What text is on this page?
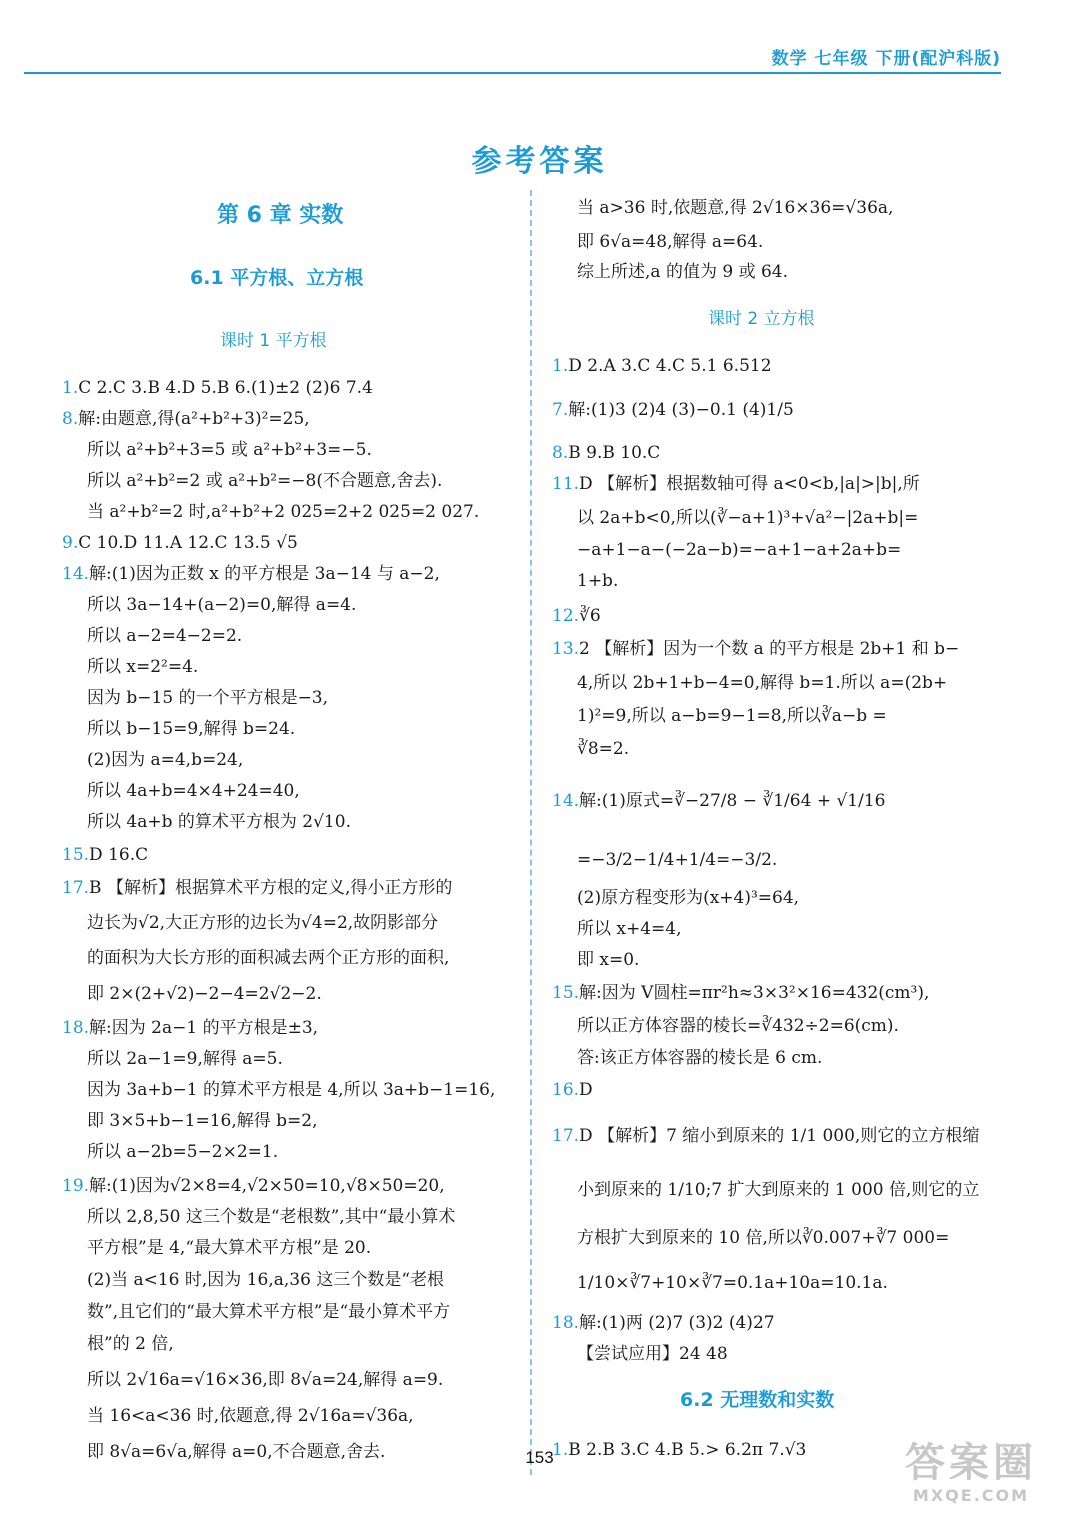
数学 七年级 下册(配沪科版)
参考答案
第 6 章 实数
6.1 平方根、立方根
课时 1 平方根
1.C 2.C 3.B 4.D 5.B 6.(1)±2 (2)6 7.4
8.解:由题意,得(a²+b²+3)²=25,
所以 a²+b²+3=5 或 a²+b²+3=−5.
所以 a²+b²=2 或 a²+b²=−8(不合题意,舍去).
当 a²+b²=2 时,a²+b²+2 025=2+2 025=2 027.
9.C 10.D 11.A 12.C 13.5 √5
14.解:(1)因为正数 x 的平方根是 3a−14 与 a−2,
所以 3a−14+(a−2)=0,解得 a=4.
所以 a−2=4−2=2.
所以 x=2²=4.
因为 b−15 的一个平方根是−3,
所以 b−15=9,解得 b=24.
(2)因为 a=4,b=24,
所以 4a+b=4×4+24=40,
所以 4a+b 的算术平方根为 2√10.
15.D 16.C
17.B 【解析】根据算术平方根的定义,得小正方形的
边长为√2,大正方形的边长为√4=2,故阴影部分
的面积为大长方形的面积减去两个正方形的面积,
即 2×(2+√2)−2−4=2√2−2.
18.解:因为 2a−1 的平方根是±3,
所以 2a−1=9,解得 a=5.
因为 3a+b−1 的算术平方根是 4,所以 3a+b−1=16,
即 3×5+b−1=16,解得 b=2,
所以 a−2b=5−2×2=1.
19.解:(1)因为√2×8=4,√2×50=10,√8×50=20,
所以 2,8,50 这三个数是“老根数”,其中“最小算术
平方根”是 4,“最大算术平方根”是 20.
(2)当 a<16 时,因为 16,a,36 这三个数是“老根
数”,且它们的“最大算术平方根”是“最小算术平方
根”的 2 倍,
所以 2√16a=√16×36,即 8√a=24,解得 a=9.
当 16<a<36 时,依题意,得 2√16a=√36a,
即 8√a=6√a,解得 a=0,不合题意,舍去.
当 a>36 时,依题意,得 2√16×36=√36a,
即 6√a=48,解得 a=64.
综上所述,a 的值为 9 或 64.
课时 2 立方根
1.D 2.A 3.C 4.C 5.1 6.512
7.解:(1)3 (2)4 (3)−0.1 (4)1/5
8.B 9.B 10.C
11.D 【解析】根据数轴可得 a<0<b,|a|>|b|,所
以 2a+b<0,所以(∛−a+1)³+√a²−|2a+b|=
−a+1−a−(−2a−b)=−a+1−a+2a+b=
1+b.
12.∛6
13.2 【解析】因为一个数 a 的平方根是 2b+1 和 b−
4,所以 2b+1+b−4=0,解得 b=1.所以 a=(2b+
1)²=9,所以 a−b=9−1=8,所以∛a−b =
∛8=2.
14.解:(1)原式=∛−27/8 − ∛1/64 + √1/16
=−3/2−1/4+1/4=−3/2.
(2)原方程变形为(x+4)³=64,
所以 x+4=4,
即 x=0.
15.解:因为 V圆柱=πr²h≈3×3²×16=432(cm³),
所以正方体容器的棱长=∛432÷2=6(cm).
答:该正方体容器的棱长是 6 cm.
16.D
17.D 【解析】7 缩小到原来的 1/1 000,则它的立方根缩
小到原来的 1/10;7 扩大到原来的 1 000 倍,则它的立
方根扩大到原来的 10 倍,所以∛0.007+∛7 000=
1/10×∛7+10×∛7=0.1a+10a=10.1a.
18.解:(1)两 (2)7 (3)2 (4)27
【尝试应用】24 48
6.2 无理数和实数
1.B 2.B 3.C 4.B 5.> 6.2π 7.√3
153	答案圈
MXQE.COM
